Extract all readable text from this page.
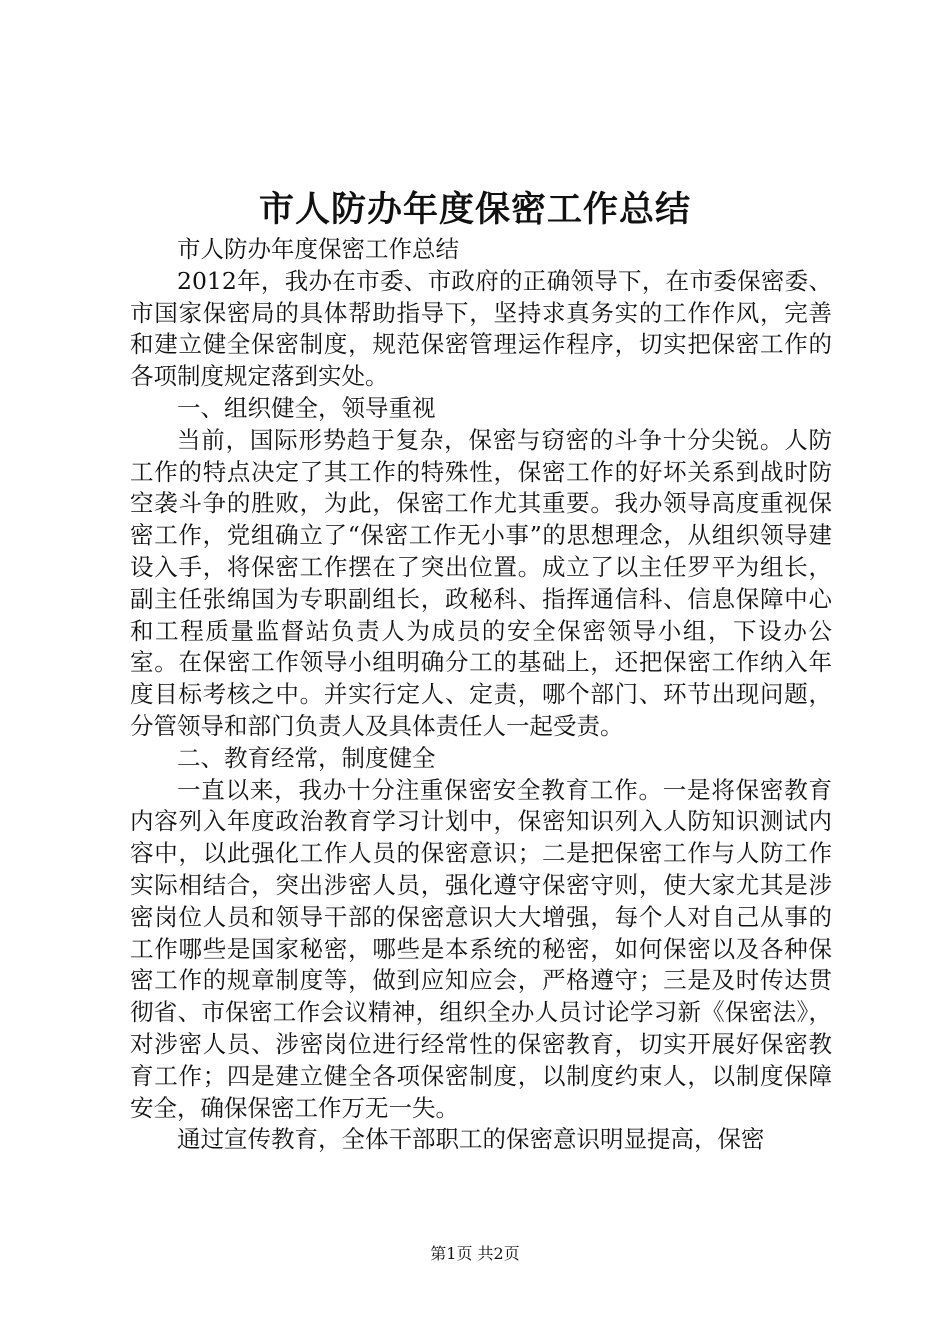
市人防办年度保密工作总结

市人防办年度保密工作总结

2012年，我办在市委、市政府的正确领导下，在市委保密委、市国家保密局的具体帮助指导下，坚持求真务实的工作作风，完善和建立健全保密制度，规范保密管理运作程序，切实把保密工作的各项制度规定落到实处。

一、组织健全，领导重视

当前，国际形势趋于复杂，保密与窃密的斗争十分尖锐。人防工作的特点决定了其工作的特殊性，保密工作的好坏关系到战时防空袭斗争的胜败，为此，保密工作尤其重要。我办领导高度重视保密工作，党组确立了“保密工作无小事”的思想理念，从组织领导建设入手，将保密工作摆在了突出位置。成立了以主任罗平为组长，副主任张绵国为专职副组长，政秘科、指挥通信科、信息保障中心和工程质量监督站负责人为成员的安全保密领导小组，下设办公室。在保密工作领导小组明确分工的基础上，还把保密工作纳入年度目标考核之中。并实行定人、定责，哪个部门、环节出现问题，分管领导和部门负责人及具体责任人一起受责。

二、教育经常，制度健全

一直以来，我办十分注重保密安全教育工作。一是将保密教育内容列入年度政治教育学习计划中，保密知识列入人防知识测试内容中，以此强化工作人员的保密意识；二是把保密工作与人防工作实际相结合，突出涉密人员，强化遵守保密守则，使大家尤其是涉密岗位人员和领导干部的保密意识大大增强，每个人对自己从事的工作哪些是国家秘密，哪些是本系统的秘密，如何保密以及各种保密工作的规章制度等，做到应知应会，严格遵守；三是及时传达贯彻省、市保密工作会议精神，组织全办人员讨论学习新《保密法》，对涉密人员、涉密岗位进行经常性的保密教育，切实开展好保密教育工作；四是建立健全各项保密制度，以制度约束人，以制度保障安全，确保保密工作万无一失。

通过宣传教育，全体干部职工的保密意识明显提高，保密

第1页 共2页
